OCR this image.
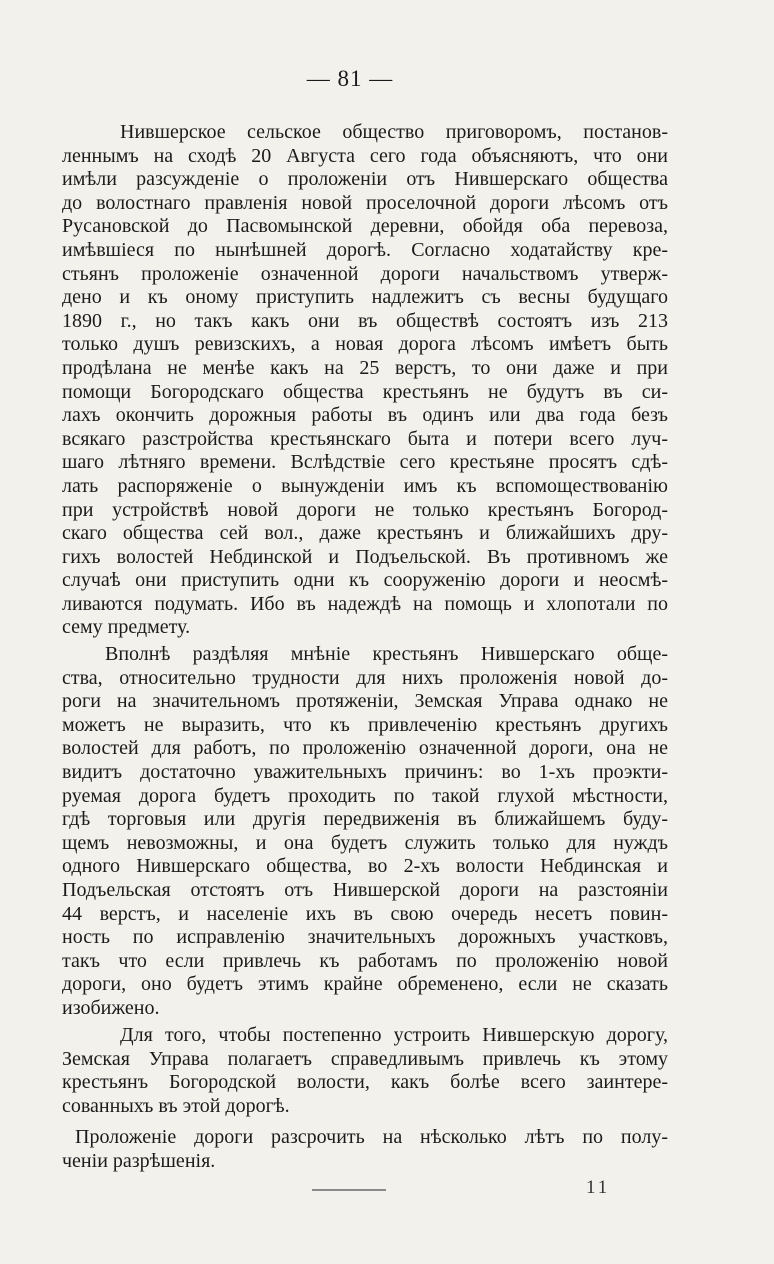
— 81 —
Нившерское сельское общество приговоромъ, постанов-
леннымъ на сходѣ 20 Августа сего года объясняютъ, что они
имѣли разсужденіе о проложеніи отъ Нившерскаго общества
до волостнаго правленія новой проселочной дороги лѣсомъ отъ
Русановской до Пасвомынской деревни, обойдя оба перевоза,
имѣвшіеся по нынѣшней дорогѣ. Согласно ходатайству кре-
стьянъ проложеніе означенной дороги начальствомъ утверж-
дено и къ оному приступить надлежитъ съ весны будущаго
1890 г., но такъ какъ они въ обществѣ состоятъ изъ 213
только душъ ревизскихъ, а новая дорога лѣсомъ имѣетъ быть
продѣлана не менѣе какъ на 25 верстъ, то они даже и при
помощи Богородскаго общества крестьянъ не будутъ въ си-
лахъ окончить дорожныя работы въ одинъ или два года безъ
всякаго разстройства крестьянскаго быта и потери всего луч-
шаго лѣтняго времени. Вслѣдствіе сего крестьяне просятъ сдѣ-
лать распоряженіе о вынужденіи имъ къ вспомоществованію
при устройствѣ новой дороги не только крестьянъ Богород-
скаго общества сей вол., даже крестьянъ и ближайшихъ дру-
гихъ волостей Небдинской и Подъельской. Въ противномъ же
случаѣ они приступить одни къ сооруженію дороги и неосмѣ-
ливаются подумать. Ибо въ надеждѣ на помощь и хлопотали по
сему предмету.
Вполнѣ раздѣляя мнѣніе крестьянъ Нившерскаго обще-
ства, относительно трудности для нихъ проложенія новой до-
роги на значительномъ протяженіи, Земская Управа однако не
можетъ не выразить, что къ привлеченію крестьянъ другихъ
волостей для работъ, по проложенію означенной дороги, она не
видитъ достаточно уважительныхъ причинъ: во 1-хъ проэкти-
руемая дорога будетъ проходить по такой глухой мѣстности,
гдѣ торговыя или другія передвиженія въ ближайшемъ буду-
щемъ невозможны, и она будетъ служить только для нуждъ
одного Нившерскаго общества, во 2-хъ волости Небдинская и
Подъельская отстоятъ отъ Нившерской дороги на разстояніи
44 верстъ, и населеніе ихъ въ свою очередь несетъ повин-
ность по исправленію значительныхъ дорожныхъ участковъ,
такъ что если привлечь къ работамъ по проложенію новой
дороги, оно будетъ этимъ крайне обременено, если не сказать
изобижено.
Для того, чтобы постепенно устроить Нившерскую дорогу,
Земская Управа полагаетъ справедливымъ привлечь къ этому
крестьянъ Богородской волости, какъ болѣе всего заинтере-
сованныхъ въ этой дорогѣ.
Проложеніе дороги разсрочить на нѣсколько лѣтъ по полу-
ченіи разрѣшенія.
11
